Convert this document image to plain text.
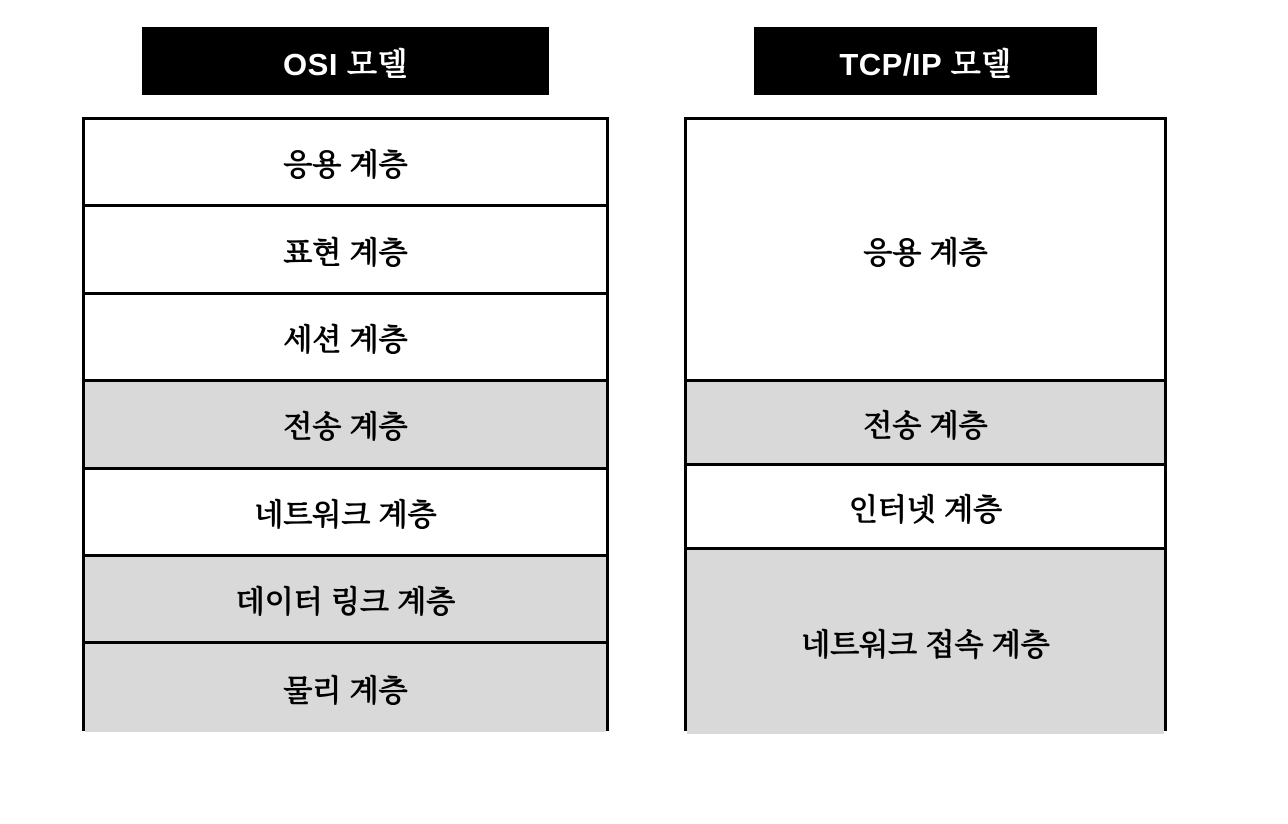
OSI 모델
응용 계층
표현 계층
세션 계층
전송 계층
네트워크 계층
데이터 링크 계층
물리 계층
TCP/IP 모델
응용 계층
전송 계층
인터넷 계층
네트워크 접속 계층
